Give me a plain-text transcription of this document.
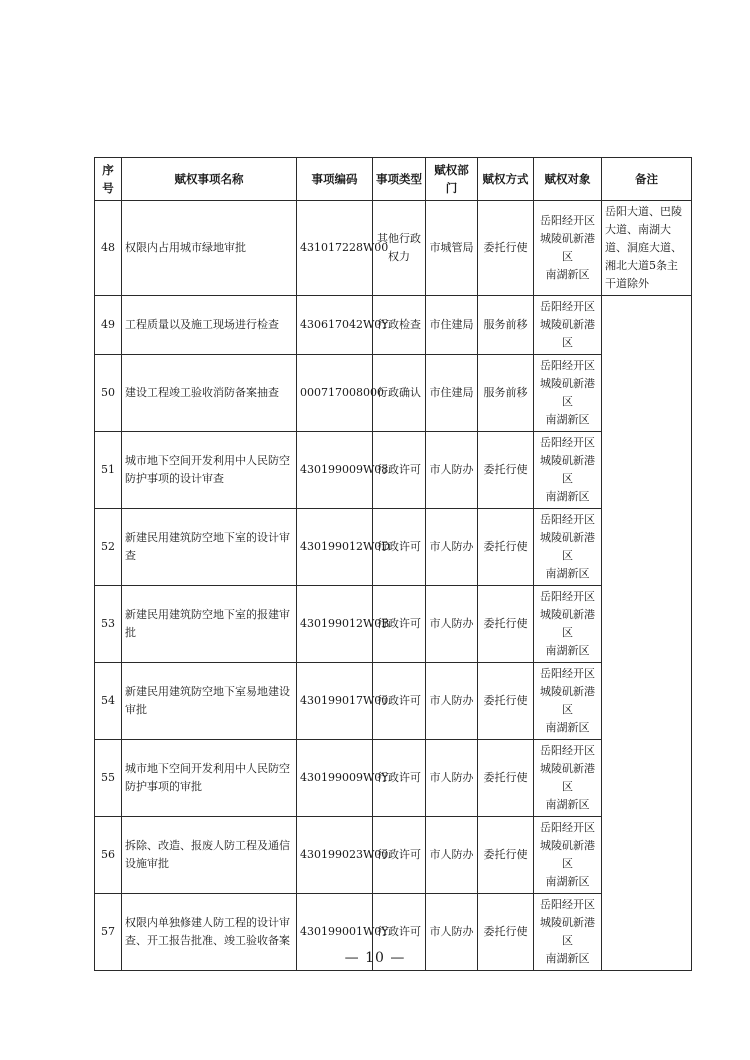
序号	赋权事项名称	事项编码	事项类型	赋权部门	赋权方式	赋权对象	备注
48	权限内占用城市绿地审批	431017228W00	其他行政权力	市城管局	委托行使	岳阳经开区
城陵矶新港区
南湖新区	岳阳大道、巴陵大道、南湖大道、洞庭大道、湘北大道5条主干道除外
49	工程质量以及施工现场进行检查	430617042W0Y	行政检查	市住建局	服务前移	岳阳经开区
城陵矶新港区	

50	建设工程竣工验收消防备案抽查	000717008000	行政确认	市住建局	服务前移	岳阳经开区
城陵矶新港区
南湖新区	

51	城市地下空间开发利用中人民防空防护事项的设计审查	430199009W08	行政许可	市人防办	委托行使	岳阳经开区
城陵矶新港区
南湖新区	

52	新建民用建筑防空地下室的设计审查	430199012W0D	行政许可	市人防办	委托行使	岳阳经开区
城陵矶新港区
南湖新区	

53	新建民用建筑防空地下室的报建审批	430199012W0B	行政许可	市人防办	委托行使	岳阳经开区
城陵矶新港区
南湖新区	

54	新建民用建筑防空地下室易地建设审批	430199017W00	行政许可	市人防办	委托行使	岳阳经开区
城陵矶新港区
南湖新区	

55	城市地下空间开发利用中人民防空防护事项的审批	430199009W0Y	行政许可	市人防办	委托行使	岳阳经开区
城陵矶新港区
南湖新区	

56	拆除、改造、报废人防工程及通信设施审批	430199023W00	行政许可	市人防办	委托行使	岳阳经开区
城陵矶新港区
南湖新区	

57	权限内单独修建人防工程的设计审查、开工报告批准、竣工验收备案	430199001W0Y	行政许可	市人防办	委托行使	岳阳经开区
城陵矶新港区
南湖新区	

— 10 —
